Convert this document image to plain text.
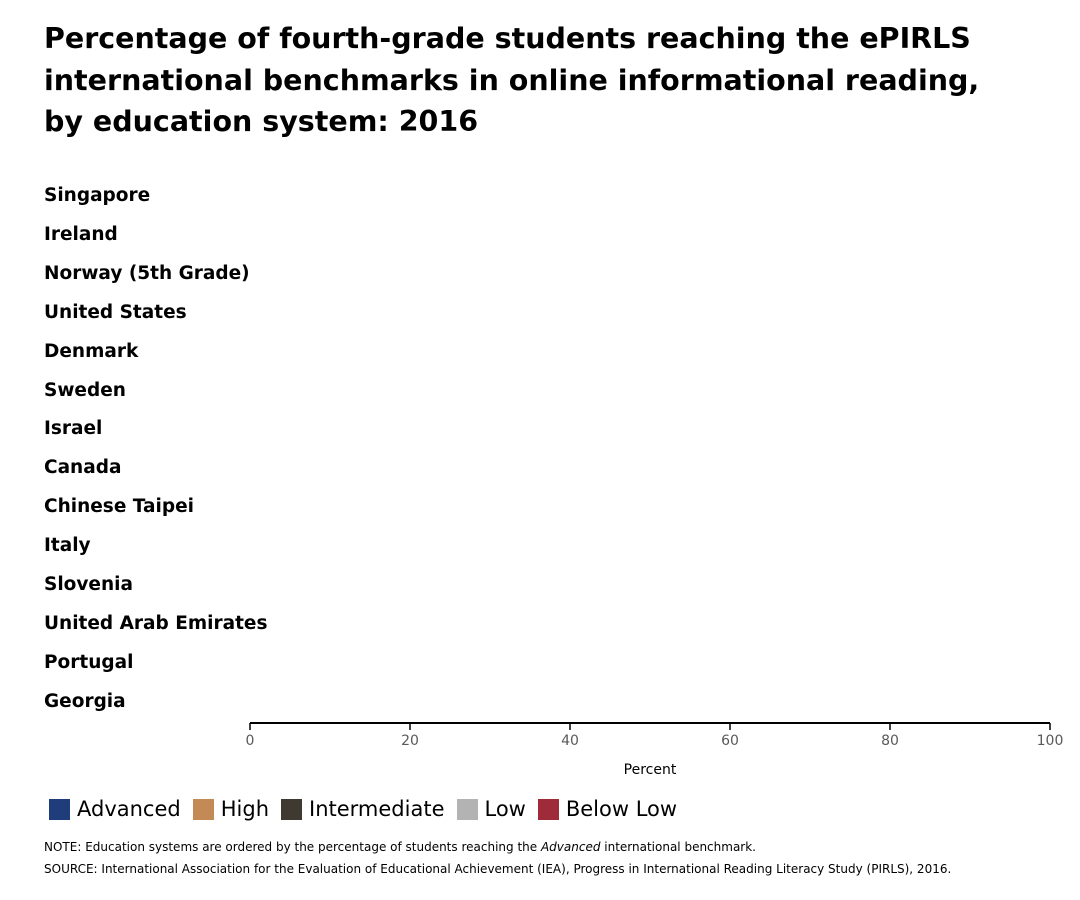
Percentage of fourth-grade students reaching the ePIRLS
international benchmarks in online informational reading,
by education system: 2016
Singapore
Ireland
Norway (5th Grade)
United States
Denmark
Sweden
Israel
Canada
Chinese Taipei
Italy
Slovenia
United Arab Emirates
Portugal
Georgia
0	20	40	60	80	100
Percent
Advanced High Intermediate Low Below Low
NOTE: Education systems are ordered by the percentage of students reaching the Advanced international benchmark.
SOURCE: International Association for the Evaluation of Educational Achievement (IEA), Progress in International Reading Literacy Study (PIRLS), 2016.
